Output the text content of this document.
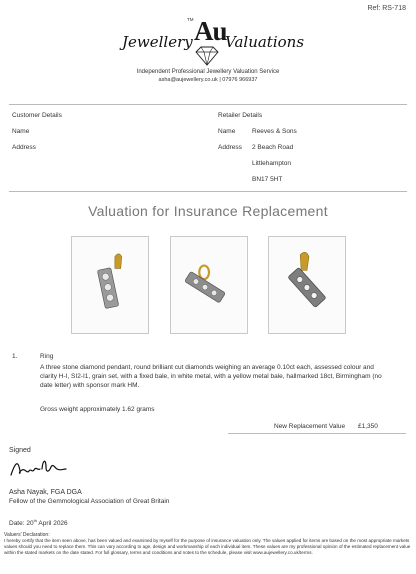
Ref: RS-718
TM Au
Jewellery Valuations
Independent Professional Jewellery Valuation Service
asha@aujewellery.co.uk | 07976 966937
Customer Details
Name
Address
Retailer Details
Name	Reeves & Sons
Address 2 Beach Road
Littlehampton
BN17 5HT
Valuation for Insurance Replacement
1.	Ring
A three stone diamond pendant, round brilliant cut diamonds weighing an average 0.10ct each, assessed colour and clarity H-I, SI2-I1, grain set, with a fixed bale, in white metal, with a yellow metal bale, hallmarked 18ct, Birmingham (no date letter) with sponsor mark HM.
Gross weight approximately 1.62 grams
New Replacement Value £1,350
Signed
Asha Nayak, FGA DGA
Fellow of the Gemmological Association of Great Britain
Date: 20th April 2026
Valuers' Declaration:
I hereby certify that the item seen above, has been valued and examined by myself for the purpose of insurance valuation only. The values applied for items are based on the most appropriate markets values should you need to replace them. This can vary according to age, design and workmanship of each individual item. These values are my professional opinion of the estimated replacement value within the stated markets on the date stated. For full glossary, terms and conditions and notes to the schedule, please visit www.aujewellery.co.uk/terms.
